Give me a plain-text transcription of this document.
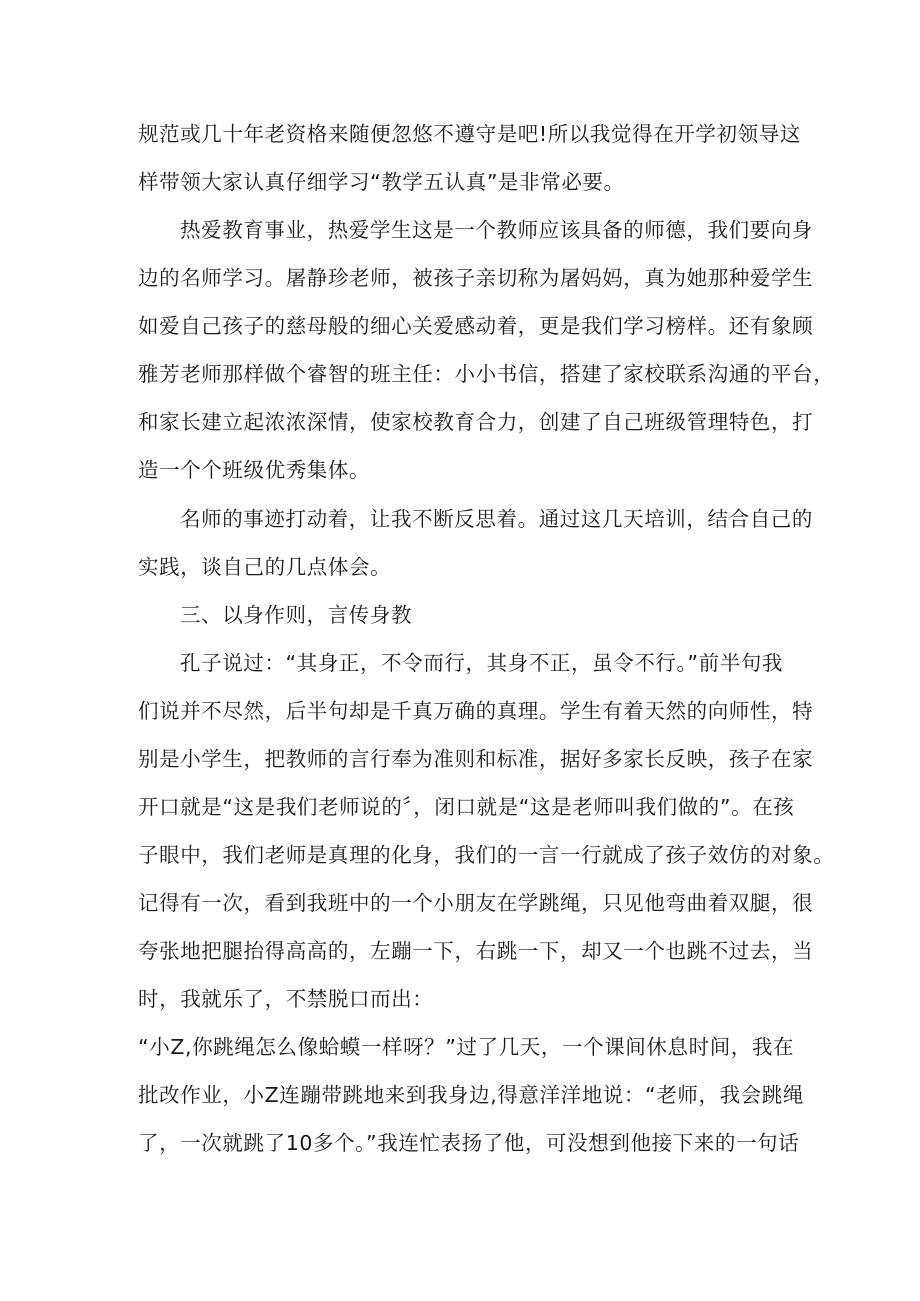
规范或几十年老资格来随便忽悠不遵守是吧!所以我觉得在开学初领导这
样带领大家认真仔细学习“教学五认真”是非常必要。
热爱教育事业，热爱学生这是一个教师应该具备的师德，我们要向身
边的名师学习。屠静珍老师，被孩子亲切称为屠妈妈，真为她那种爱学生
如爱自己孩子的慈母般的细心关爱感动着，更是我们学习榜样。还有象顾
雅芳老师那样做个睿智的班主任：小小书信，搭建了家校联系沟通的平台，
和家长建立起浓浓深情，使家校教育合力，创建了自己班级管理特色，打
造一个个班级优秀集体。
名师的事迹打动着，让我不断反思着。通过这几天培训，结合自己的
实践，谈自己的几点体会。
三、以身作则，言传身教
孔子说过：“其身正，不令而行，其身不正，虽令不行。”前半句我
们说并不尽然，后半句却是千真万确的真理。学生有着天然的向师性，特
别是小学生，把教师的言行奉为准则和标准，据好多家长反映，孩子在家
开口就是“这是我们老师说的〞，闭口就是“这是老师叫我们做的”。在孩
子眼中，我们老师是真理的化身，我们的一言一行就成了孩子效仿的对象。
记得有一次，看到我班中的一个小朋友在学跳绳，只见他弯曲着双腿，很
夸张地把腿抬得高高的，左蹦一下，右跳一下，却又一个也跳不过去，当
时，我就乐了，不禁脱口而出：
“小Z,你跳绳怎么像蛤蟆一样呀？”过了几天，一个课间休息时间，我在
批改作业，小Z连蹦带跳地来到我身边,得意洋洋地说：“老师，我会跳绳
了，一次就跳了10多个。”我连忙表扬了他，可没想到他接下来的一句话
